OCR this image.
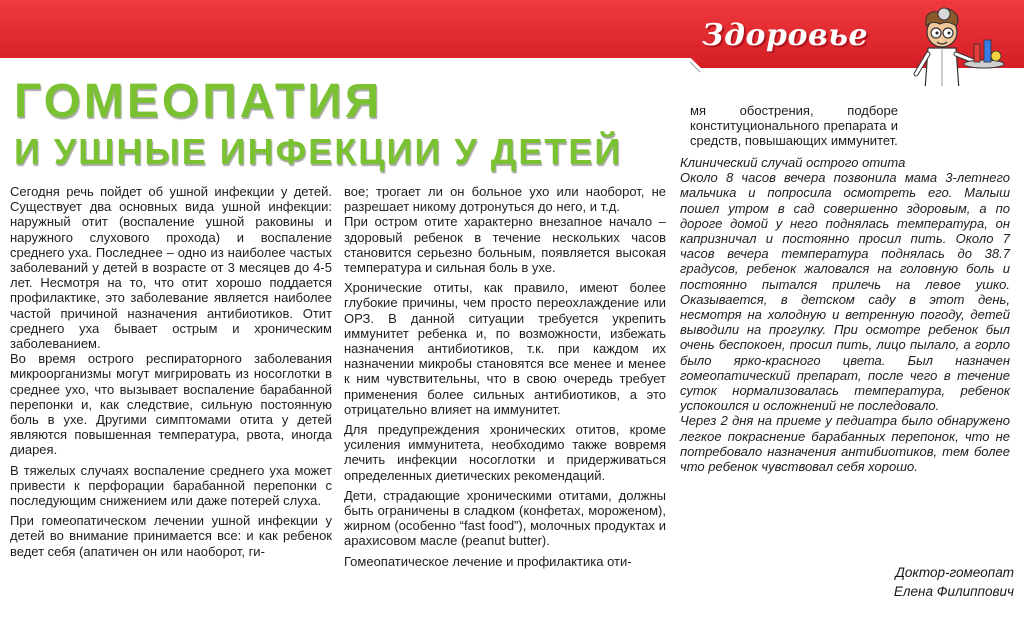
Здоровье
ГОМЕОПАТИЯ
И УШНЫЕ ИНФЕКЦИИ У ДЕТЕЙ

Сегодня речь пойдет об ушной инфекции у детей. Существует два основных вида ушной инфекции: наружный отит (воспаление ушной раковины и наружного слухового прохода) и воспаление среднего уха. Последнее – одно из наиболее частых заболеваний у детей в возрасте от 3 месяцев до 4-5 лет. Несмотря на то, что отит хорошо поддается профилактике, это заболевание является наиболее частой причиной назначения антибиотиков. Отит среднего уха бывает острым и хроническим заболеванием.

Во время острого респираторного заболевания микроорганизмы могут мигрировать из носоглотки в среднее ухо, что вызывает воспаление барабанной перепонки и, как следствие, сильную постоянную боль в ухе. Другими симптомами отита у детей являются повышенная температура, рвота, иногда диарея.

В тяжелых случаях воспаление среднего уха может привести к перфорации барабанной перепонки с последующим снижением или даже потерей слуха.

При гомеопатическом лечении ушной инфекции у детей во внимание принимается все: и как ребенок ведет себя (апатичен он или наоборот, ги-

вое; трогает ли он больное ухо или наоборот, не разрешает никому дотронуться до него, и т.д.

При остром отите характерно внезапное начало – здоровый ребенок в течение нескольких часов становится серьезно больным, появляется высокая температура и сильная боль в ухе.

Хронические отиты, как правило, имеют более глубокие причины, чем просто переохлаждение или ОРЗ. В данной ситуации требуется укрепить иммунитет ребенка и, по возможности, избежать назначения антибиотиков, т.к. при каждом их назначении микробы становятся все менее и менее к ним чувствительны, что в свою очередь требует применения более сильных антибиотиков, а это отрицательно влияет на иммунитет.

Для предупреждения хронических отитов, кроме усиления иммунитета, необходимо также вовремя лечить инфекции носоглотки и придерживаться определенных диетических рекомендаций.

Дети, страдающие хроническими отитами, должны быть ограничены в сладком (конфетах, мороженом), жирном (особенно “fast food”), молочных продуктах и арахисовом масле (peanut butter).

Гомеопатическое лечение и профилактика оти-

мя обострения, подборе конституционального препарата и средств, повышающих иммунитет.

Клинический случай острого отита

Около 8 часов вечера позвонила мама 3-летнего мальчика и попросила осмотреть его. Малыш пошел утром в сад совершенно здоровым, а по дороге домой у него поднялась температура, он капризничал и постоянно просил пить. Около 7 часов вечера температура поднялась до 38.7 градусов, ребенок жаловался на головную боль и постоянно пытался прилечь на левое ушко. Оказывается, в детском саду в этот день, несмотря на холодную и ветренную погоду, детей выводили на прогулку. При осмотре ребенок был очень беспокоен, просил пить, лицо пылало, а горло было ярко-красного цвета. Был назначен гомеопатический препарат, после чего в течение суток нормализовалась температура, ребенок успокоился и осложнений не последовало.

Через 2 дня на приеме у педиатра было обнаружено легкое покраснение барабанных перепонок, что не потребовало назначения антибиотиков, тем более что ребенок чувствовал себя хорошо.

Доктор-гомеопат
Елена Филиппович
